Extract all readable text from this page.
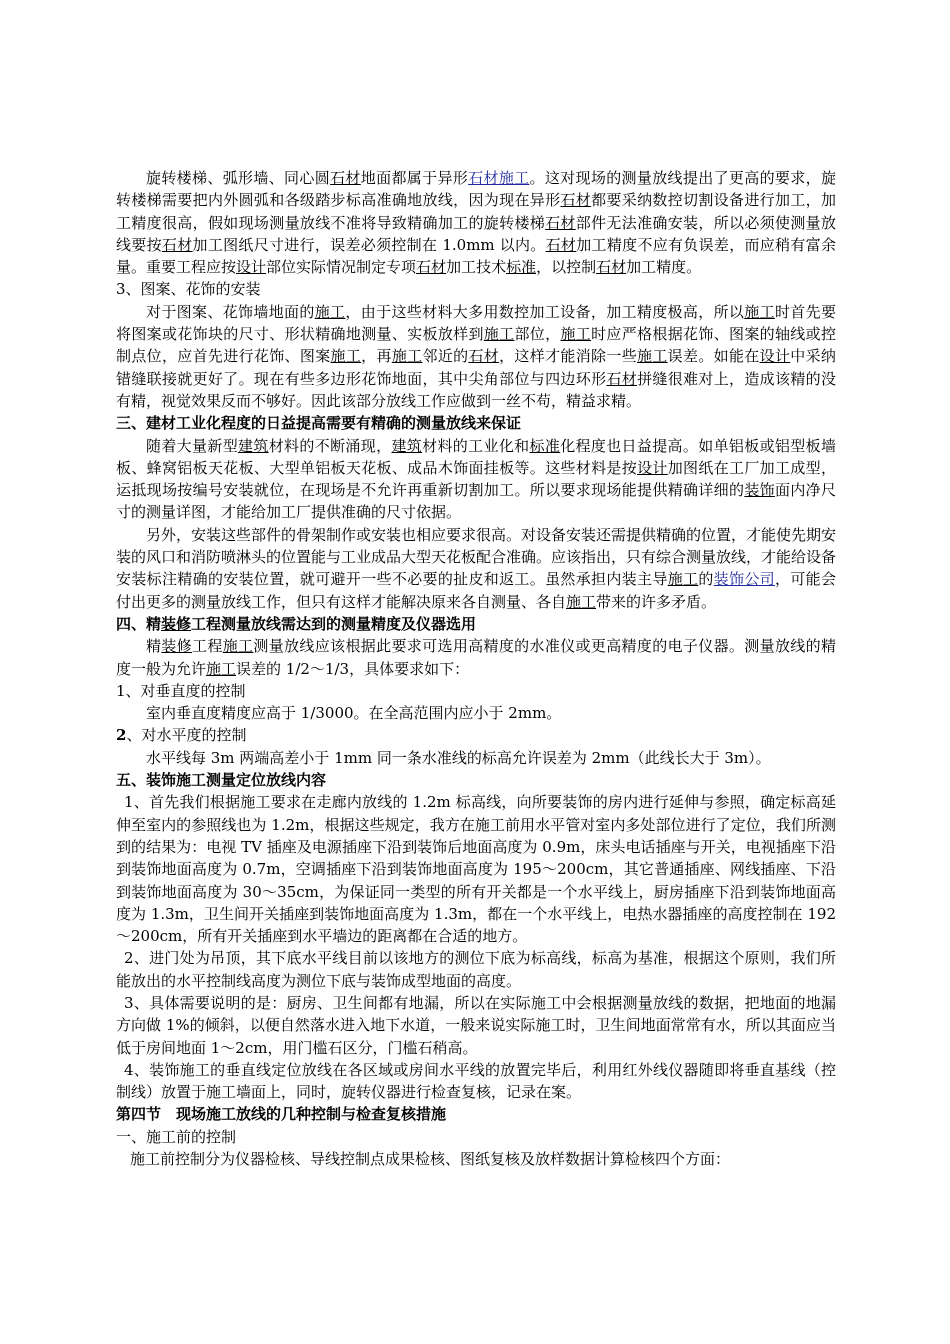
旋转楼梯、弧形墙、同心圆石材地面都属于异形石材施工。这对现场的测量放线提出了更高的要求，旋转楼梯需要把内外圆弧和各级踏步标高准确地放线，因为现在异形石材都要采纳数控切割设备进行加工，加工精度很高，假如现场测量放线不准将导致精确加工的旋转楼梯石材部件无法准确安装，所以必须使测量放线要按石材加工图纸尺寸进行，误差必须控制在 1.0mm 以内。石材加工精度不应有负误差，而应稍有富余量。重要工程应按设计部位实际情况制定专项石材加工技术标准，以控制石材加工精度。

3、图案、花饰的安装

对于图案、花饰墙地面的施工，由于这些材料大多用数控加工设备，加工精度极高，所以施工时首先要将图案或花饰块的尺寸、形状精确地测量、实板放样到施工部位，施工时应严格根据花饰、图案的轴线或控制点位，应首先进行花饰、图案施工，再施工邻近的石材，这样才能消除一些施工误差。如能在设计中采纳错缝联接就更好了。现在有些多边形花饰地面，其中尖角部位与四边环形石材拼缝很难对上，造成该精的没有精，视觉效果反而不够好。因此该部分放线工作应做到一丝不苟，精益求精。

三、建材工业化程度的日益提高需要有精确的测量放线来保证

随着大量新型建筑材料的不断涌现，建筑材料的工业化和标准化程度也日益提高。如单铝板或铝型板墙板、蜂窝铝板天花板、大型单铝板天花板、成品木饰面挂板等。这些材料是按设计加图纸在工厂加工成型，运抵现场按编号安装就位，在现场是不允许再重新切割加工。所以要求现场能提供精确详细的装饰面内净尺寸的测量详图，才能给加工厂提供准确的尺寸依据。

另外，安装这些部件的骨架制作或安装也相应要求很高。对设备安装还需提供精确的位置，才能使先期安装的风口和消防喷淋头的位置能与工业成品大型天花板配合准确。应该指出，只有综合测量放线，才能给设备安装标注精确的安装位置，就可避开一些不必要的扯皮和返工。虽然承担内装主导施工的装饰公司，可能会付出更多的测量放线工作，但只有这样才能解决原来各自测量、各自施工带来的许多矛盾。

四、精装修工程测量放线需达到的测量精度及仪器选用

精装修工程施工测量放线应该根据此要求可选用高精度的水准仪或更高精度的电子仪器。测量放线的精度一般为允许施工误差的 1/2～1/3，具体要求如下：

1、对垂直度的控制

室内垂直度精度应高于 1/3000。在全高范围内应小于 2mm。

2、对水平度的控制

水平线每 3m 两端高差小于 1mm 同一条水准线的标高允许误差为 2mm（此线长大于 3m）。

五、装饰施工测量定位放线内容

1、首先我们根据施工要求在走廊内放线的 1.2m 标高线，向所要装饰的房内进行延伸与参照，确定标高延伸至室内的参照线也为 1.2m，根据这些规定，我方在施工前用水平管对室内多处部位进行了定位，我们所测到的结果为：电视 TV 插座及电源插座下沿到装饰后地面高度为 0.9m，床头电话插座与开关，电视插座下沿到装饰地面高度为 0.7m，空调插座下沿到装饰地面高度为 195～200cm，其它普通插座、网线插座、下沿到装饰地面高度为 30～35cm，为保证同一类型的所有开关都是一个水平线上，厨房插座下沿到装饰地面高度为 1.3m，卫生间开关插座到装饰地面高度为 1.3m，都在一个水平线上，电热水器插座的高度控制在 192～200cm，所有开关插座到水平墙边的距离都在合适的地方。

2、进门处为吊顶，其下底水平线目前以该地方的测位下底为标高线，标高为基准，根据这个原则，我们所能放出的水平控制线高度为测位下底与装饰成型地面的高度。

3、具体需要说明的是：厨房、卫生间都有地漏，所以在实际施工中会根据测量放线的数据，把地面的地漏方向做 1%的倾斜，以便自然落水进入地下水道，一般来说实际施工时，卫生间地面常常有水，所以其面应当低于房间地面 1～2cm，用门槛石区分，门槛石稍高。

4、装饰施工的垂直线定位放线在各区域或房间水平线的放置完毕后，利用红外线仪器随即将垂直基线（控制线）放置于施工墙面上，同时，旋转仪器进行检查复核，记录在案。

第四节　现场施工放线的几种控制与检查复核措施

一、施工前的控制

施工前控制分为仪器检核、导线控制点成果检核、图纸复核及放样数据计算检核四个方面：
